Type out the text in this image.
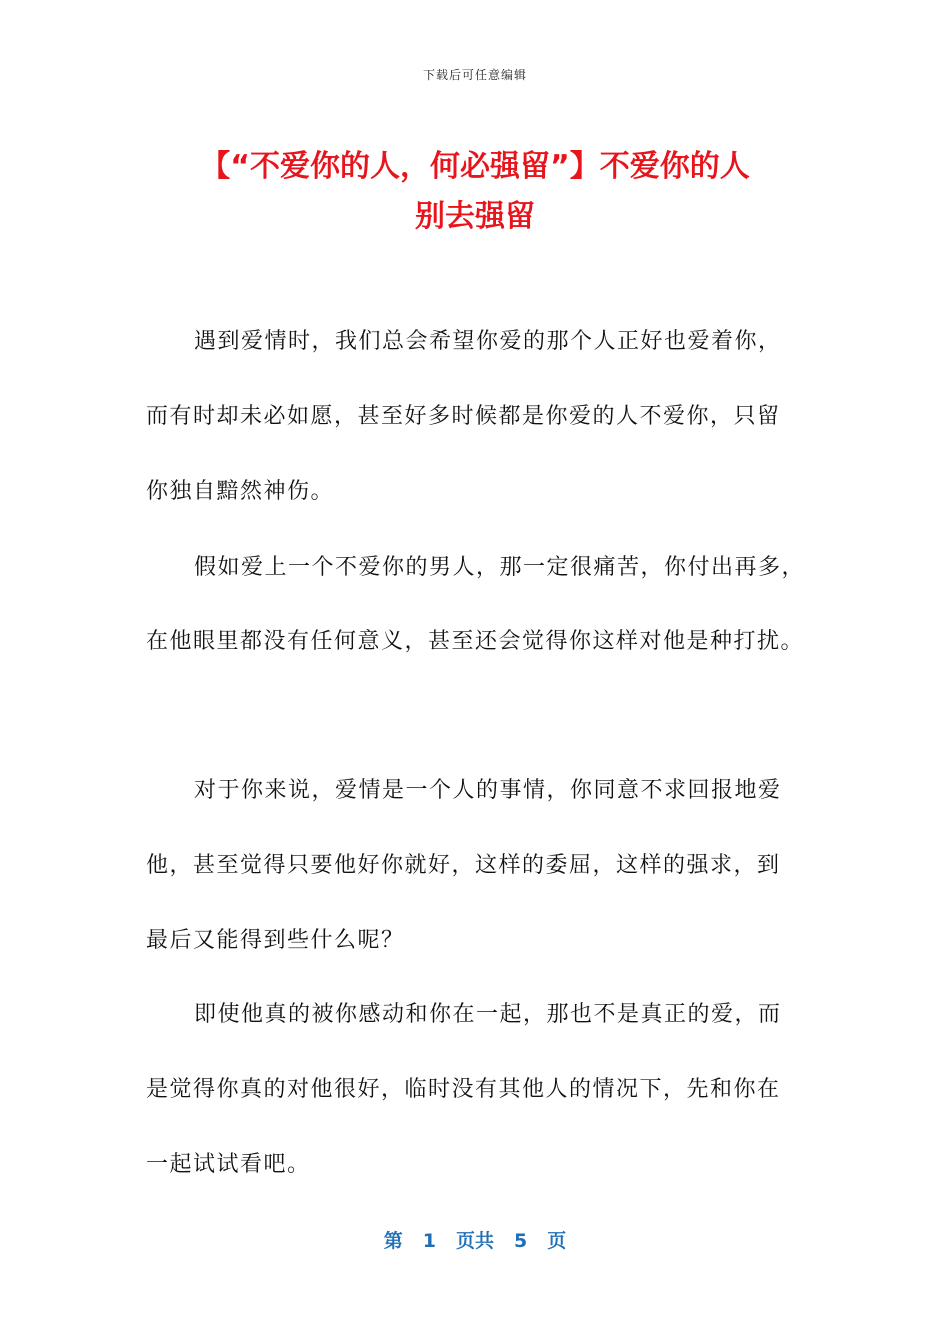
下载后可任意编辑
【“不爱你的人，何必强留”】不爱你的人
别去强留
遇到爱情时，我们总会希望你爱的那个人正好也爱着你，
而有时却未必如愿，甚至好多时候都是你爱的人不爱你，只留
你独自黯然神伤。
假如爱上一个不爱你的男人，那一定很痛苦，你付出再多，
在他眼里都没有任何意义，甚至还会觉得你这样对他是种打扰。
对于你来说，爱情是一个人的事情，你同意不求回报地爱
他，甚至觉得只要他好你就好，这样的委屈，这样的强求，到
最后又能得到些什么呢？
即使他真的被你感动和你在一起，那也不是真正的爱，而
是觉得你真的对他很好，临时没有其他人的情况下，先和你在
一起试试看吧。
第 1 页共 5 页
